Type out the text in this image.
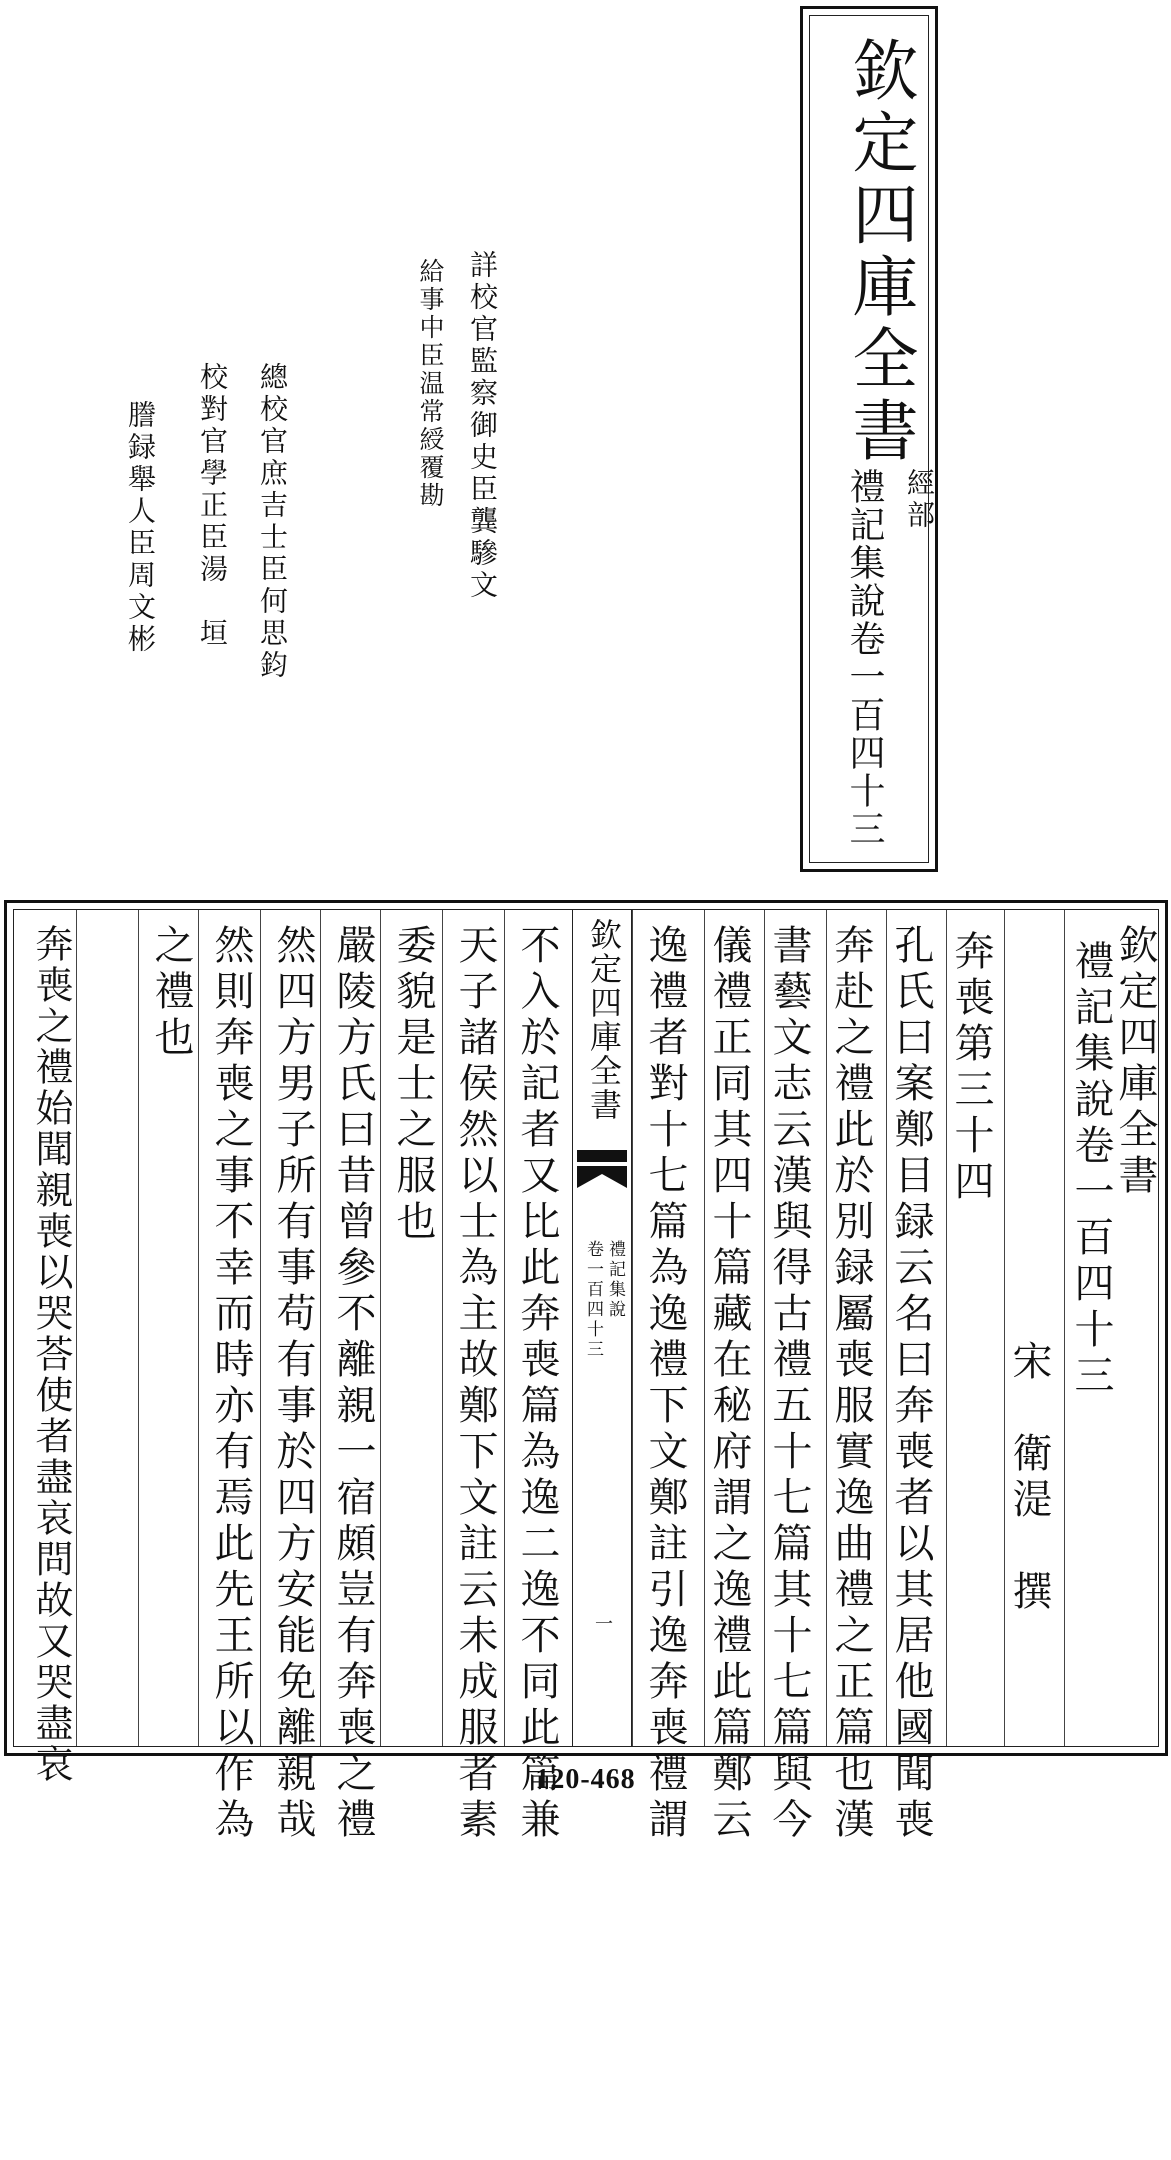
欽定四庫全書
經部
禮記集說卷一百四十三
詳校官監察御史臣龔驂文
給事中臣温常綬覆勘
總校官庶吉士臣何思鈞
校對官學正臣湯　垣
謄録舉人臣周文彬
欽定四庫全書
禮記集說卷一百四十三
宋　衛湜　撰
奔喪第三十四
孔氏曰案鄭目録云名曰奔喪者以其居他國聞喪
奔赴之禮此於別録屬喪服實逸曲禮之正篇也漢
書藝文志云漢與得古禮五十七篇其十七篇與今
儀禮正同其四十篇藏在秘府謂之逸禮此篇鄭云
逸禮者對十七篇為逸禮下文鄭註引逸奔喪禮謂
欽定四庫全書
禮記集說
卷一百四十三
一
不入於記者又比此奔喪篇為逸二逸不同此篇兼
天子諸侯然以士為主故鄭下文註云未成服者素
委貌是士之服也
嚴陵方氏曰昔曾參不離親一宿頗豈有奔喪之禮
然四方男子所有事苟有事於四方安能免離親哉
然則奔喪之事不幸而時亦有焉此先王所以作為
之禮也
奔喪之禮始聞親喪以哭荅使者盡哀問故又哭盡哀	120-468
